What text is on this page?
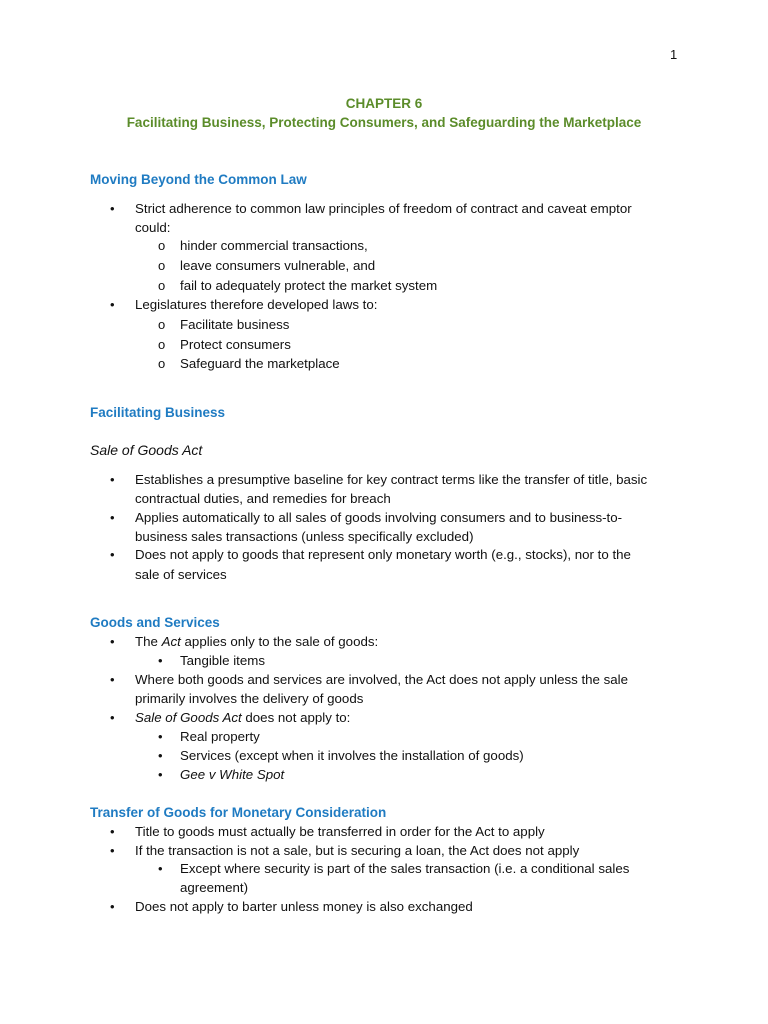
1
CHAPTER 6
Facilitating Business, Protecting Consumers, and Safeguarding the Marketplace
Moving Beyond the Common Law
• Strict adherence to common law principles of freedom of contract and caveat emptor
could:
o hinder commercial transactions,
o leave consumers vulnerable, and
o fail to adequately protect the market system
• Legislatures therefore developed laws to:
o Facilitate business
o Protect consumers
o Safeguard the marketplace
Facilitating Business
Sale of Goods Act
• Establishes a presumptive baseline for key contract terms like the transfer of title, basic
contractual duties, and remedies for breach
• Applies automatically to all sales of goods involving consumers and to business-to-
business sales transactions (unless specifically excluded)
• Does not apply to goods that represent only monetary worth (e.g., stocks), nor to the
sale of services
Goods and Services
• The Act applies only to the sale of goods:
• Tangible items
• Where both goods and services are involved, the Act does not apply unless the sale
primarily involves the delivery of goods
• Sale of Goods Act does not apply to:
• Real property
• Services (except when it involves the installation of goods)
• Gee v White Spot
Transfer of Goods for Monetary Consideration
• Title to goods must actually be transferred in order for the Act to apply
• If the transaction is not a sale, but is securing a loan, the Act does not apply
• Except where security is part of the sales transaction (i.e. a conditional sales
agreement)
• Does not apply to barter unless money is also exchanged
